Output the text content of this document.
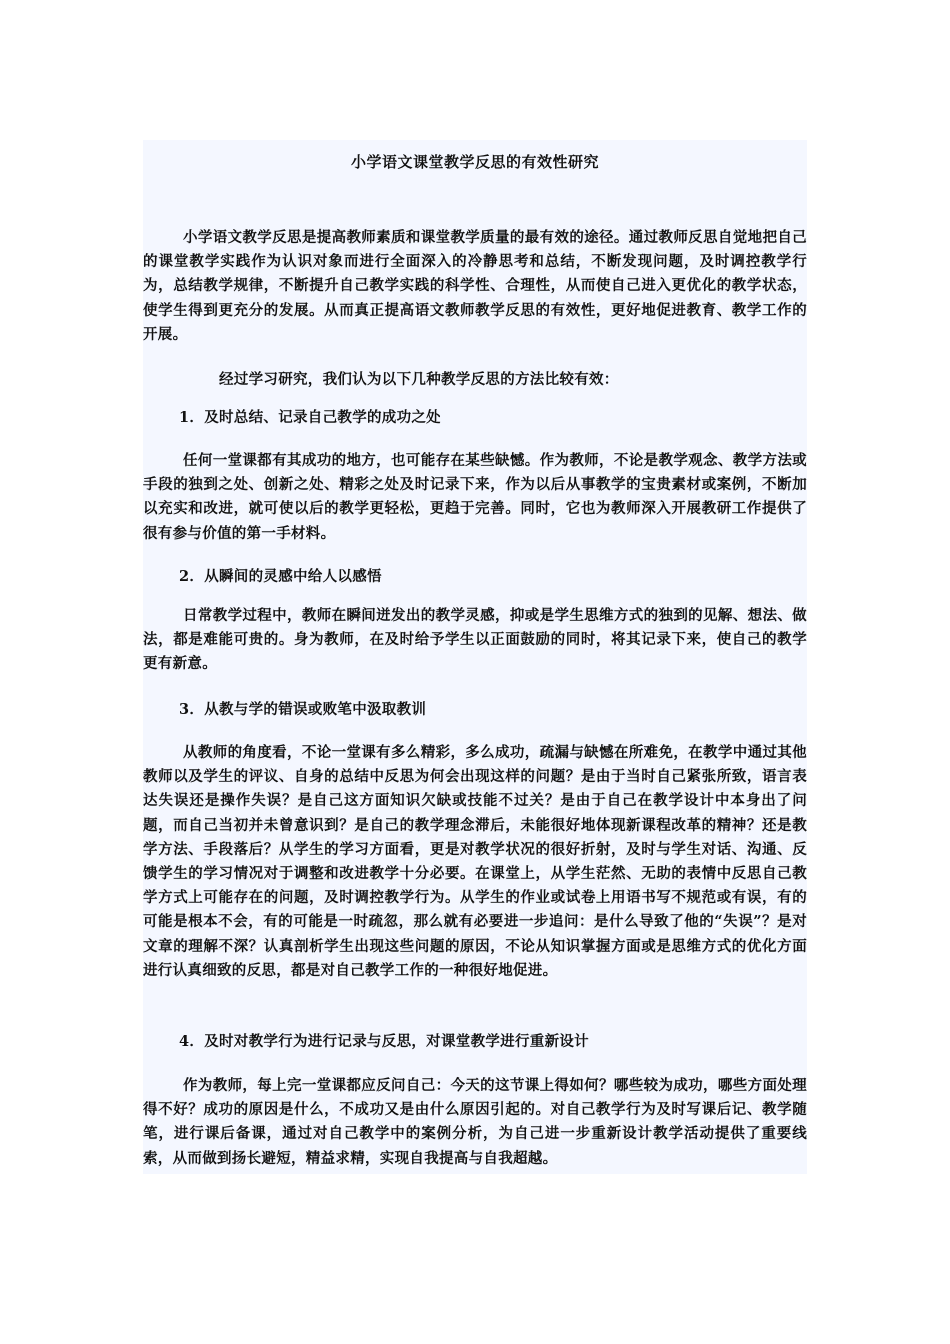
小学语文课堂教学反思的有效性研究

小学语文教学反思是提高教师素质和课堂教学质量的最有效的途径。通过教师反思自觉地把自己的课堂教学实践作为认识对象而进行全面深入的冷静思考和总结，不断发现问题，及时调控教学行为，总结教学规律，不断提升自己教学实践的科学性、合理性，从而使自己进入更优化的教学状态，使学生得到更充分的发展。从而真正提高语文教师教学反思的有效性，更好地促进教育、教学工作的开展。

经过学习研究，我们认为以下几种教学反思的方法比较有效：

1．及时总结、记录自己教学的成功之处

任何一堂课都有其成功的地方，也可能存在某些缺憾。作为教师，不论是教学观念、教学方法或手段的独到之处、创新之处、精彩之处及时记录下来，作为以后从事教学的宝贵素材或案例，不断加以充实和改进，就可使以后的教学更轻松，更趋于完善。同时，它也为教师深入开展教研工作提供了很有参与价值的第一手材料。

2．从瞬间的灵感中给人以感悟

日常教学过程中，教师在瞬间迸发出的教学灵感，抑或是学生思维方式的独到的见解、想法、做法，都是难能可贵的。身为教师，在及时给予学生以正面鼓励的同时，将其记录下来，使自己的教学更有新意。

3．从教与学的错误或败笔中汲取教训

从教师的角度看，不论一堂课有多么精彩，多么成功，疏漏与缺憾在所难免，在教学中通过其他教师以及学生的评议、自身的总结中反思为何会出现这样的问题？是由于当时自己紧张所致，语言表达失误还是操作失误？是自己这方面知识欠缺或技能不过关？是由于自己在教学设计中本身出了问题，而自己当初并未曾意识到？是自己的教学理念滞后，未能很好地体现新课程改革的精神？还是教学方法、手段落后？从学生的学习方面看，更是对教学状况的很好折射，及时与学生对话、沟通、反馈学生的学习情况对于调整和改进教学十分必要。在课堂上，从学生茫然、无助的表情中反思自己教学方式上可能存在的问题，及时调控教学行为。从学生的作业或试卷上用语书写不规范或有误，有的可能是根本不会，有的可能是一时疏忽，那么就有必要进一步追问：是什么导致了他的“失误”？是对文章的理解不深？认真剖析学生出现这些问题的原因，不论从知识掌握方面或是思维方式的优化方面进行认真细致的反思，都是对自己教学工作的一种很好地促进。

4．及时对教学行为进行记录与反思，对课堂教学进行重新设计

作为教师，每上完一堂课都应反问自己：今天的这节课上得如何？哪些较为成功，哪些方面处理得不好？成功的原因是什么，不成功又是由什么原因引起的。对自己教学行为及时写课后记、教学随笔，进行课后备课，通过对自己教学中的案例分析，为自己进一步重新设计教学活动提供了重要线索，从而做到扬长避短，精益求精，实现自我提高与自我超越。
